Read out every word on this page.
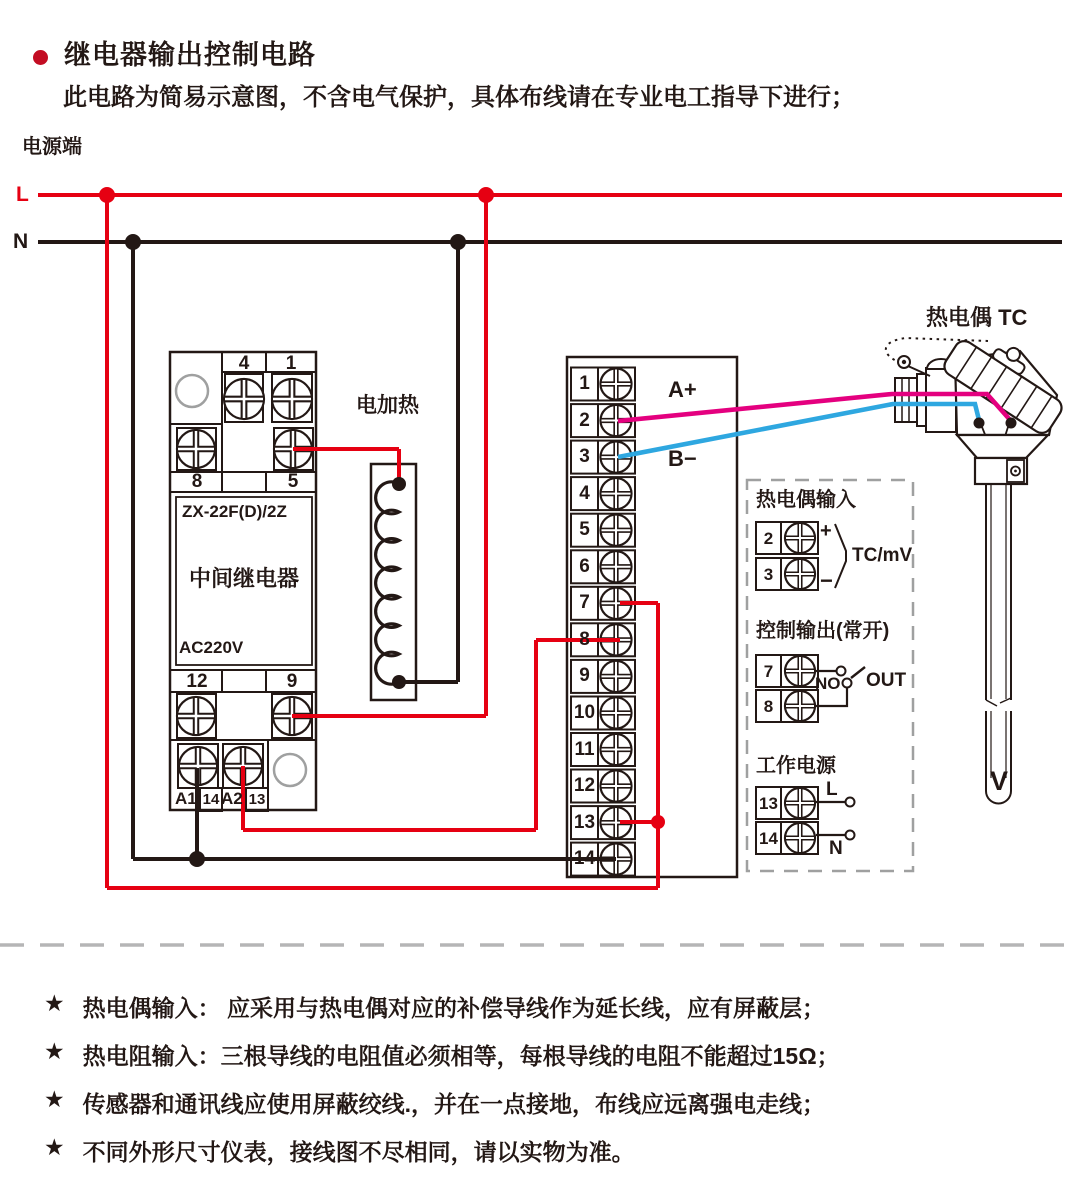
继电器输出控制电路
此电路为简易示意图，不含电气保护，具体布线请在专业电工指导下进行；
电源端
L
N
4	1
8	5
ZX-22F(D)/2Z
中间继电器
AC220V
12	9
A1 14 A2 13
电加热
A+
B−
热电偶 TC
V
热电偶输入
+
−
TC/mV
控制输出(常开)
NO OUT
工作电源
L
N
1
2
3
4
5
6
7
8
9
10
11
12
13
14
2
3
7
8
13
14
★ 热电偶输入： 应采用与热电偶对应的补偿导线作为延长线，应有屏蔽层；
★ 热电阻输入：三根导线的电阻值必须相等，每根导线的电阻不能超过15Ω；
★ 传感器和通讯线应使用屏蔽绞线.，并在一点接地，布线应远离强电走线；
★ 不同外形尺寸仪表，接线图不尽相同，请以实物为准。
